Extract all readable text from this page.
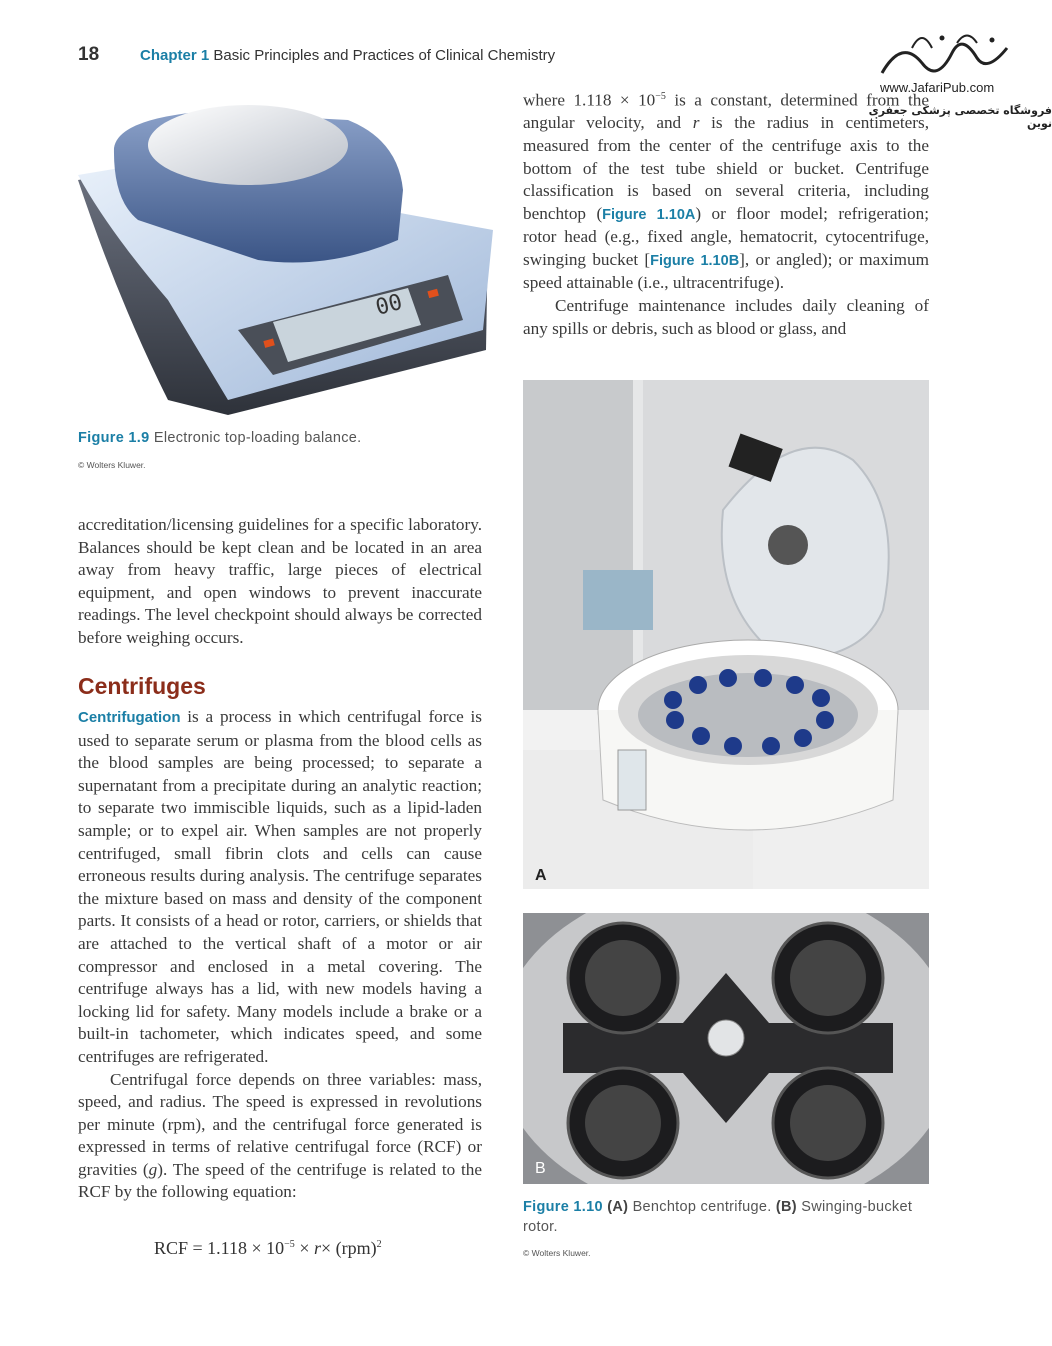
18	Chapter 1 Basic Principles and Practices of Clinical Chemistry
www.JafariPub.com
فروشگاه تخصصی پزشکی جعفری نوین
00
Figure 1.9 Electronic top-loading balance.
© Wolters Kluwer.

where $1.118 \times 10^{-5}$ is a constant, determined from the angular velocity, and r is the radius in centimeters, measured from the center of the centrifuge axis to the bottom of the test tube shield or bucket. Centrifuge classification is based on several criteria, including benchtop (Figure 1.10A) or floor model; refrigeration; rotor head (e.g., fixed angle, hematocrit, cytocentrifuge, swinging bucket [Figure 1.10B], or angled); or maximum speed attainable (i.e., ultracentrifuge).

Centrifuge maintenance includes daily cleaning of any spills or debris, such as blood or glass, and

A
B

accreditation/licensing guidelines for a specific laboratory. Balances should be kept clean and be located in an area away from heavy traffic, large pieces of electrical equipment, and open windows to prevent inaccurate readings. The level checkpoint should always be corrected before weighing occurs.

Centrifuges

Centrifugation is a process in which centrifugal force is used to separate serum or plasma from the blood cells as the blood samples are being processed; to separate a supernatant from a precipitate during an analytic reaction; to separate two immiscible liquids, such as a lipid-laden sample; or to expel air. When samples are not properly centrifuged, small fibrin clots and cells can cause erroneous results during analysis. The centrifuge separates the mixture based on mass and density of the component parts. It consists of a head or rotor, carriers, or shields that are attached to the vertical shaft of a motor or air compressor and enclosed in a metal covering. The centrifuge always has a lid, with new models having a locking lid for safety. Many models include a brake or a built-in tachometer, which indicates speed, and some centrifuges are refrigerated.

Centrifugal force depends on three variables: mass, speed, and radius. The speed is expressed in revolutions per minute (rpm), and the centrifugal force generated is expressed in terms of relative centrifugal force (RCF) or gravities (g). The speed of the centrifuge is related to the RCF by the following equation:

RCF = $1.118 \times 10^{-5} \times r\times (rpm)^2$
Figure 1.10 (A) Benchtop centrifuge. (B) Swinging-bucket rotor.
© Wolters Kluwer.
